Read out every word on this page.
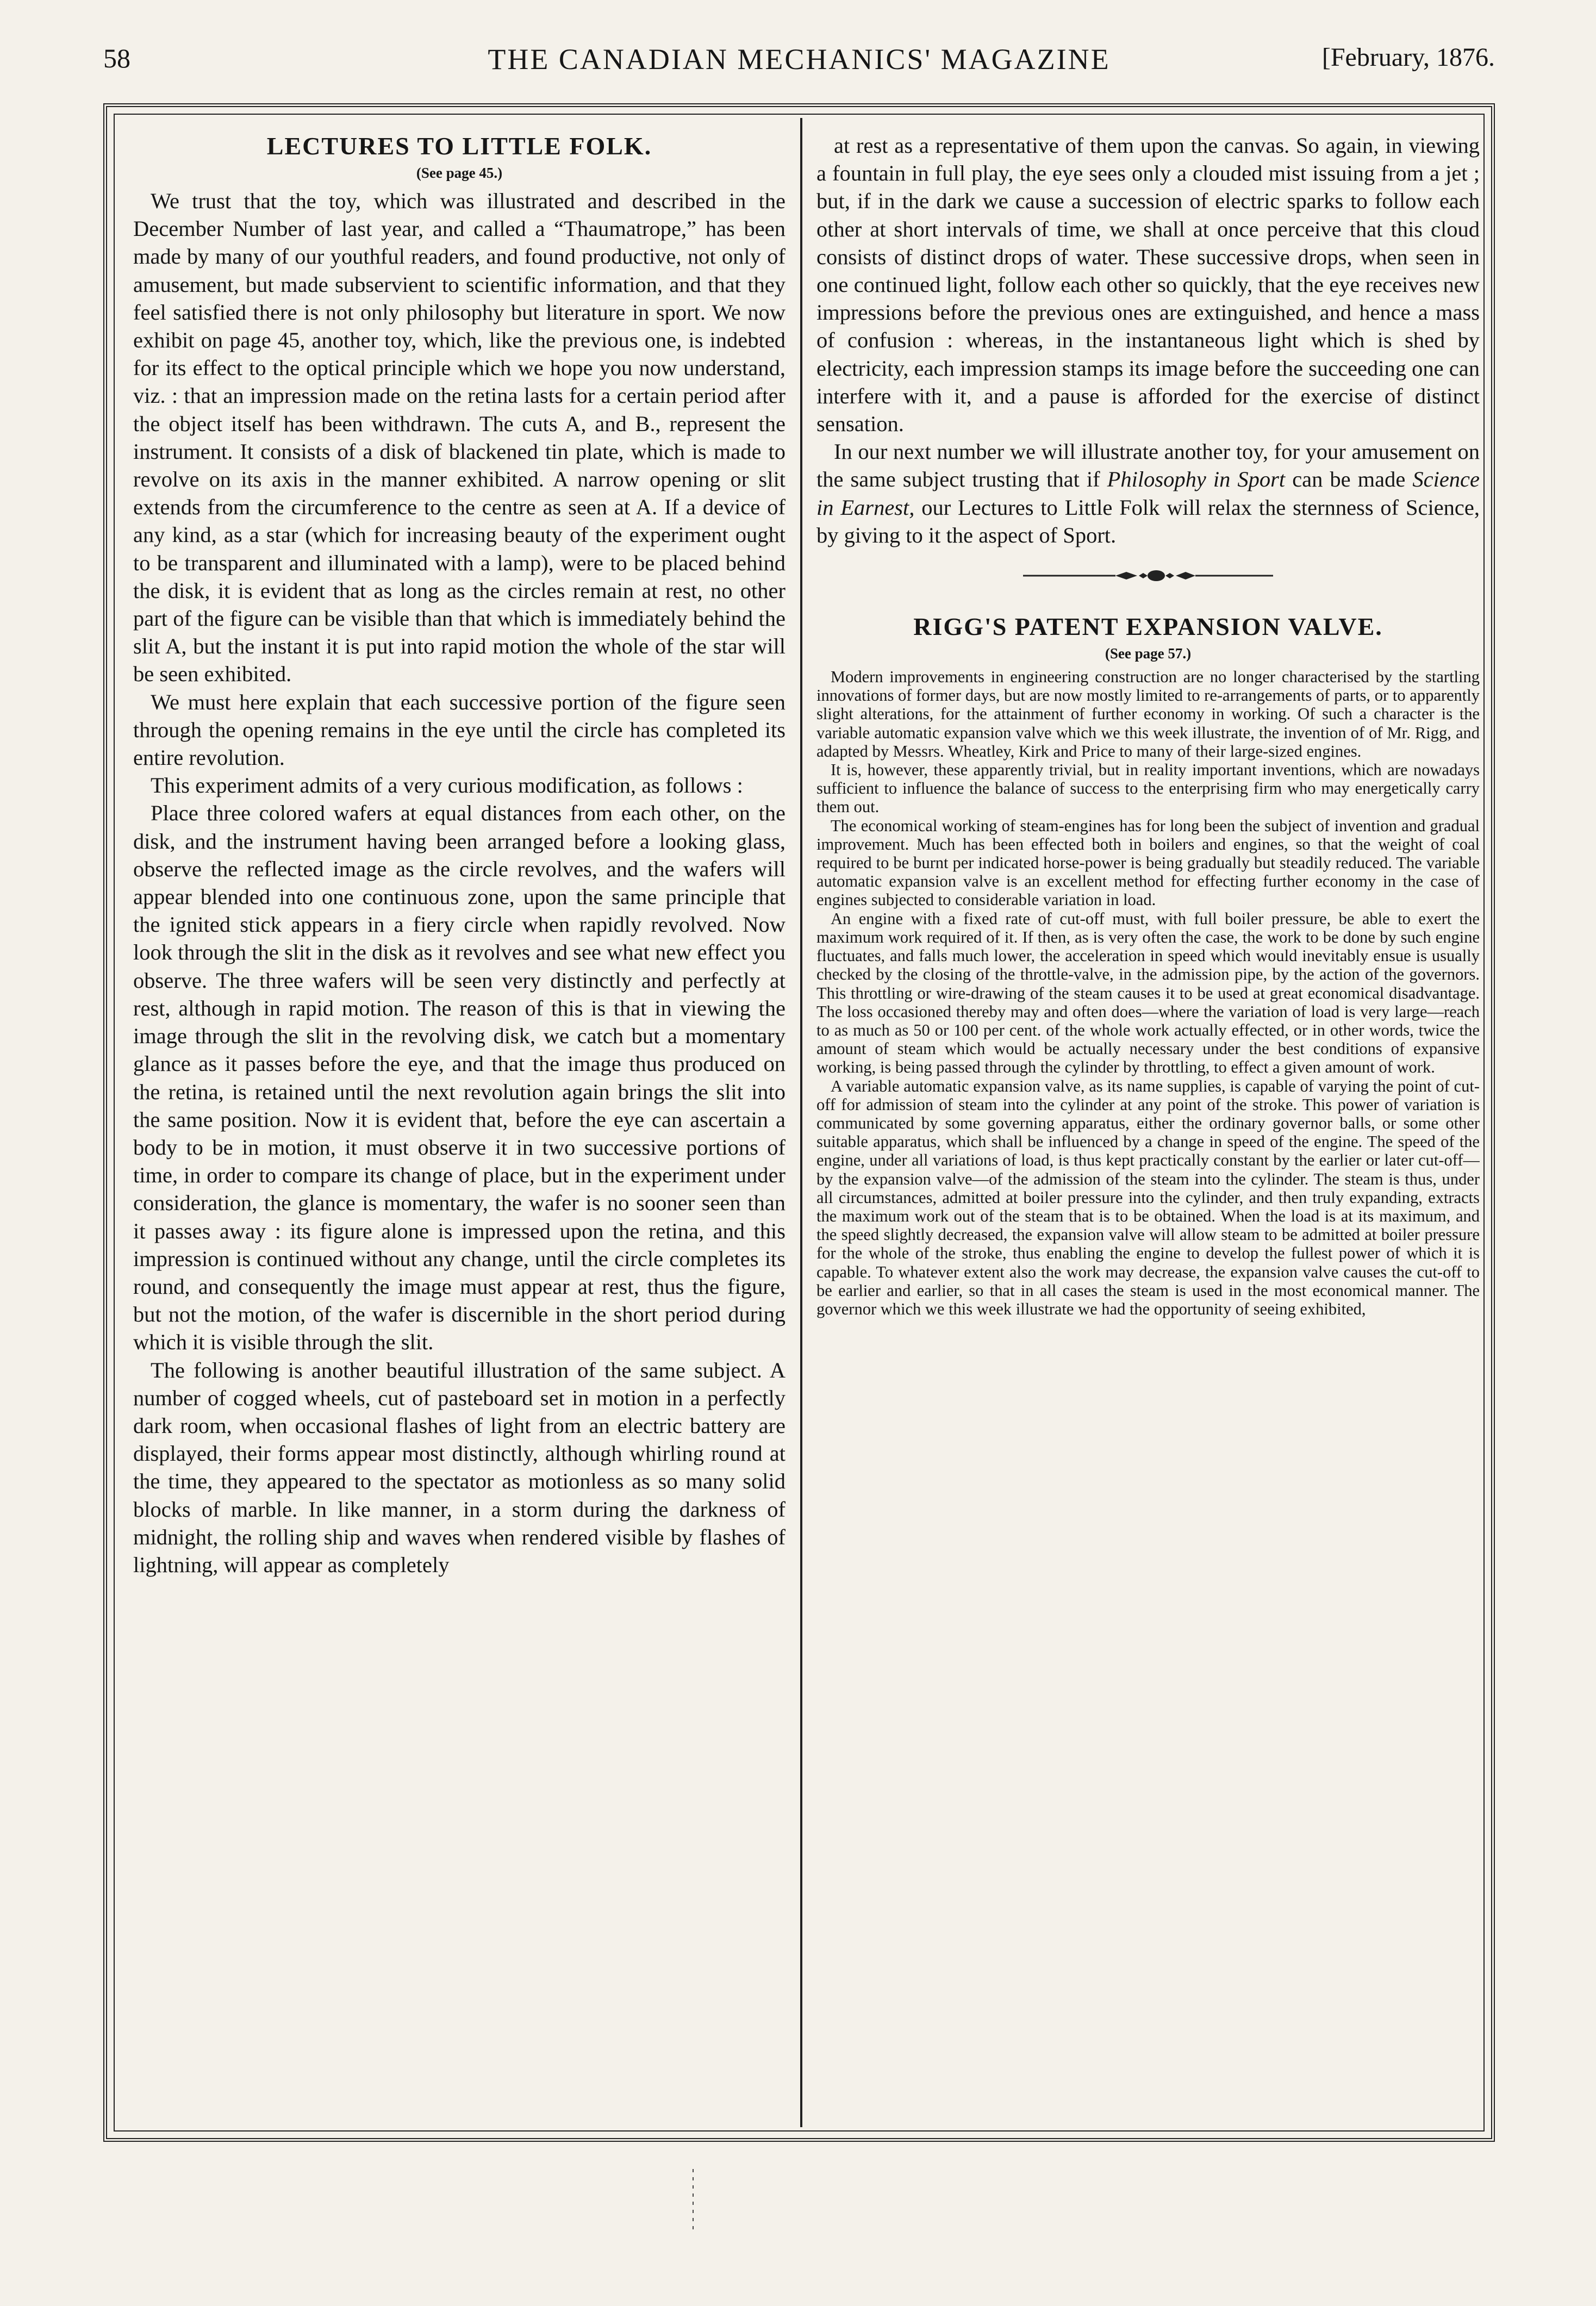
58	THE CANADIAN MECHANICS' MAGAZINE	[February, 1876.
LECTURES TO LITTLE FOLK.
(See page 45.)

We trust that the toy, which was illustrated and described in the December Number of last year, and called a “Thaumatrope,” has been made by many of our youthful readers, and found productive, not only of amusement, but made subservient to scientific information, and that they feel satisfied there is not only philosophy but literature in sport. We now exhibit on page 45, another toy, which, like the previous one, is indebted for its effect to the optical principle which we hope you now understand, viz. : that an impression made on the retina lasts for a certain period after the object itself has been withdrawn. The cuts A, and B., represent the instrument. It consists of a disk of blackened tin plate, which is made to revolve on its axis in the manner exhibited. A narrow opening or slit extends from the circumference to the centre as seen at A. If a device of any kind, as a star (which for increasing beauty of the experiment ought to be transparent and illuminated with a lamp), were to be placed behind the disk, it is evident that as long as the circles remain at rest, no other part of the figure can be visible than that which is immediately behind the slit A, but the instant it is put into rapid motion the whole of the star will be seen exhibited.

We must here explain that each successive portion of the figure seen through the opening remains in the eye until the circle has completed its entire revolution.

This experiment admits of a very curious modification, as follows :

Place three colored wafers at equal distances from each other, on the disk, and the instrument having been arranged before a looking glass, observe the reflected image as the circle revolves, and the wafers will appear blended into one continuous zone, upon the same principle that the ignited stick appears in a fiery circle when rapidly revolved. Now look through the slit in the disk as it revolves and see what new effect you observe. The three wafers will be seen very distinctly and perfectly at rest, although in rapid motion. The reason of this is that in viewing the image through the slit in the revolving disk, we catch but a momentary glance as it passes before the eye, and that the image thus produced on the retina, is retained until the next revolution again brings the slit into the same position. Now it is evident that, before the eye can ascertain a body to be in motion, it must observe it in two successive portions of time, in order to compare its change of place, but in the experiment under consideration, the glance is momentary, the wafer is no sooner seen than it passes away : its figure alone is impressed upon the retina, and this impression is continued without any change, until the circle completes its round, and consequently the image must appear at rest, thus the figure, but not the motion, of the wafer is discernible in the short period during which it is visible through the slit.

The following is another beautiful illustration of the same subject. A number of cogged wheels, cut of pasteboard set in motion in a perfectly dark room, when occasional flashes of light from an electric battery are displayed, their forms appear most distinctly, although whirling round at the time, they appeared to the spectator as motionless as so many solid blocks of marble. In like manner, in a storm during the darkness of midnight, the rolling ship and waves when rendered visible by flashes of lightning, will appear as completely

at rest as a representative of them upon the canvas. So again, in viewing a fountain in full play, the eye sees only a clouded mist issuing from a jet ; but, if in the dark we cause a succession of electric sparks to follow each other at short intervals of time, we shall at once perceive that this cloud consists of distinct drops of water. These successive drops, when seen in one continued light, follow each other so quickly, that the eye receives new impressions before the previous ones are extinguished, and hence a mass of confusion : whereas, in the instantaneous light which is shed by electricity, each impression stamps its image before the succeeding one can interfere with it, and a pause is afforded for the exercise of distinct sensation.

In our next number we will illustrate another toy, for your amusement on the same subject trusting that if Philosophy in Sport can be made Science in Earnest, our Lectures to Little Folk will relax the sternness of Science, by giving to it the aspect of Sport.

RIGG'S PATENT EXPANSION VALVE.
(See page 57.)

Modern improvements in engineering construction are no longer characterised by the startling innovations of former days, but are now mostly limited to re-arrangements of parts, or to apparently slight alterations, for the attainment of further economy in working. Of such a character is the variable automatic expansion valve which we this week illustrate, the invention of of Mr. Rigg, and adapted by Messrs. Wheatley, Kirk and Price to many of their large-sized engines.

It is, however, these apparently trivial, but in reality important inventions, which are nowadays sufficient to influence the balance of success to the enterprising firm who may energetically carry them out.

The economical working of steam-engines has for long been the subject of invention and gradual improvement. Much has been effected both in boilers and engines, so that the weight of coal required to be burnt per indicated horse-power is being gradually but steadily reduced. The variable automatic expansion valve is an excellent method for effecting further economy in the case of engines subjected to considerable variation in load.

An engine with a fixed rate of cut-off must, with full boiler pressure, be able to exert the maximum work required of it. If then, as is very often the case, the work to be done by such engine fluctuates, and falls much lower, the acceleration in speed which would inevitably ensue is usually checked by the closing of the throttle-valve, in the admission pipe, by the action of the governors. This throttling or wire-drawing of the steam causes it to be used at great economical disadvantage. The loss occasioned thereby may and often does—where the variation of load is very large—reach to as much as 50 or 100 per cent. of the whole work actually effected, or in other words, twice the amount of steam which would be actually necessary under the best conditions of expansive working, is being passed through the cylinder by throttling, to effect a given amount of work.

A variable automatic expansion valve, as its name supplies, is capable of varying the point of cut-off for admission of steam into the cylinder at any point of the stroke. This power of variation is communicated by some governing apparatus, either the ordinary governor balls, or some other suitable apparatus, which shall be influenced by a change in speed of the engine. The speed of the engine, under all variations of load, is thus kept practically constant by the earlier or later cut-off—by the expansion valve—of the admission of the steam into the cylinder. The steam is thus, under all circumstances, admitted at boiler pressure into the cylinder, and then truly expanding, extracts the maximum work out of the steam that is to be obtained. When the load is at its maximum, and the speed slightly decreased, the expansion valve will allow steam to be admitted at boiler pressure for the whole of the stroke, thus enabling the engine to develop the fullest power of which it is capable. To whatever extent also the work may decrease, the expansion valve causes the cut-off to be earlier and earlier, so that in all cases the steam is used in the most economical manner. The governor which we this week illustrate we had the opportunity of seeing exhibited,
